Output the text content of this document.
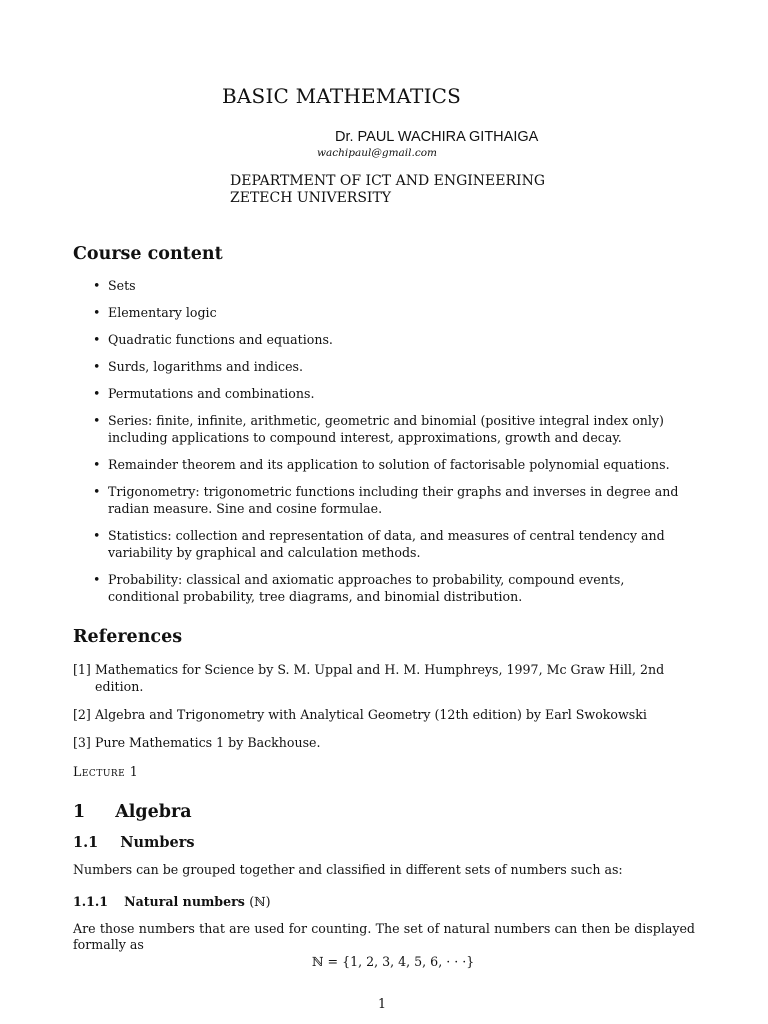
BASIC MATHEMATICS
Dr. PAUL WACHIRA GITHAIGA
wachipaul@gmail.com
DEPARTMENT OF ICT AND ENGINEERING
ZETECH UNIVERSITY
Course content
• Sets
• Elementary logic
• Quadratic functions and equations.
• Surds, logarithms and indices.
• Permutations and combinations.
• Series: finite, infinite, arithmetic, geometric and binomial (positive integral index only) including applications to compound interest, approximations, growth and decay.
• Remainder theorem and its application to solution of factorisable polynomial equations.
• Trigonometry: trigonometric functions including their graphs and inverses in degree and radian measure. Sine and cosine formulae.
• Statistics: collection and representation of data, and measures of central tendency and variability by graphical and calculation methods.
• Probability: classical and axiomatic approaches to probability, compound events, conditional probability, tree diagrams, and binomial distribution.
References
[1] Mathematics for Science by S. M. Uppal and H. M. Humphreys, 1997, Mc Graw Hill, 2nd edition.
[2] Algebra and Trigonometry with Analytical Geometry (12th edition) by Earl Swokowski
[3] Pure Mathematics 1 by Backhouse.
Lecture 1
1 Algebra
1.1 Numbers
Numbers can be grouped together and classified in different sets of numbers such as:
1.1.1 Natural numbers (ℕ)
Are those numbers that are used for counting. The set of natural numbers can then be displayed formally as
ℕ = {1, 2, 3, 4, 5, 6, · · ·}
1
